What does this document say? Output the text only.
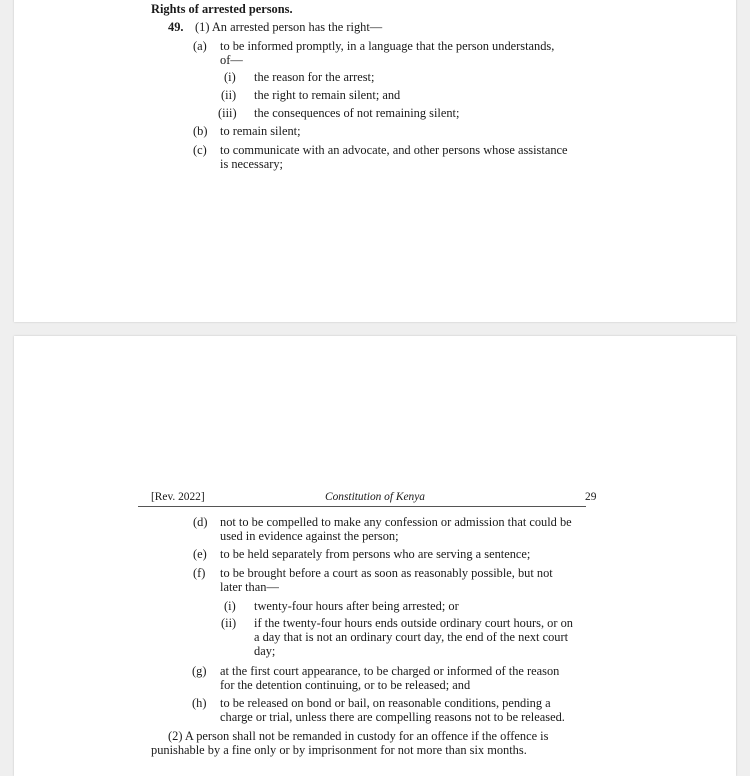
Rights of arrested persons.
49. (1) An arrested person has the right—
(a) to be informed promptly, in a language that the person understands,
of—
(i) the reason for the arrest;
(ii) the right to remain silent; and
(iii) the consequences of not remaining silent;
(b) to remain silent;
(c) to communicate with an advocate, and other persons whose assistance
is necessary;
[Rev. 2022]	Constitution of Kenya	29
(d) not to be compelled to make any confession or admission that could be
used in evidence against the person;
(e) to be held separately from persons who are serving a sentence;
(f) to be brought before a court as soon as reasonably possible, but not
later than—
(i) twenty-four hours after being arrested; or
(ii) if the twenty-four hours ends outside ordinary court hours, or on
a day that is not an ordinary court day, the end of the next court
day;
(g) at the first court appearance, to be charged or informed of the reason
for the detention continuing, or to be released; and
(h) to be released on bond or bail, on reasonable conditions, pending a
charge or trial, unless there are compelling reasons not to be released.
(2) A person shall not be remanded in custody for an offence if the offence is
punishable by a fine only or by imprisonment for not more than six months.
